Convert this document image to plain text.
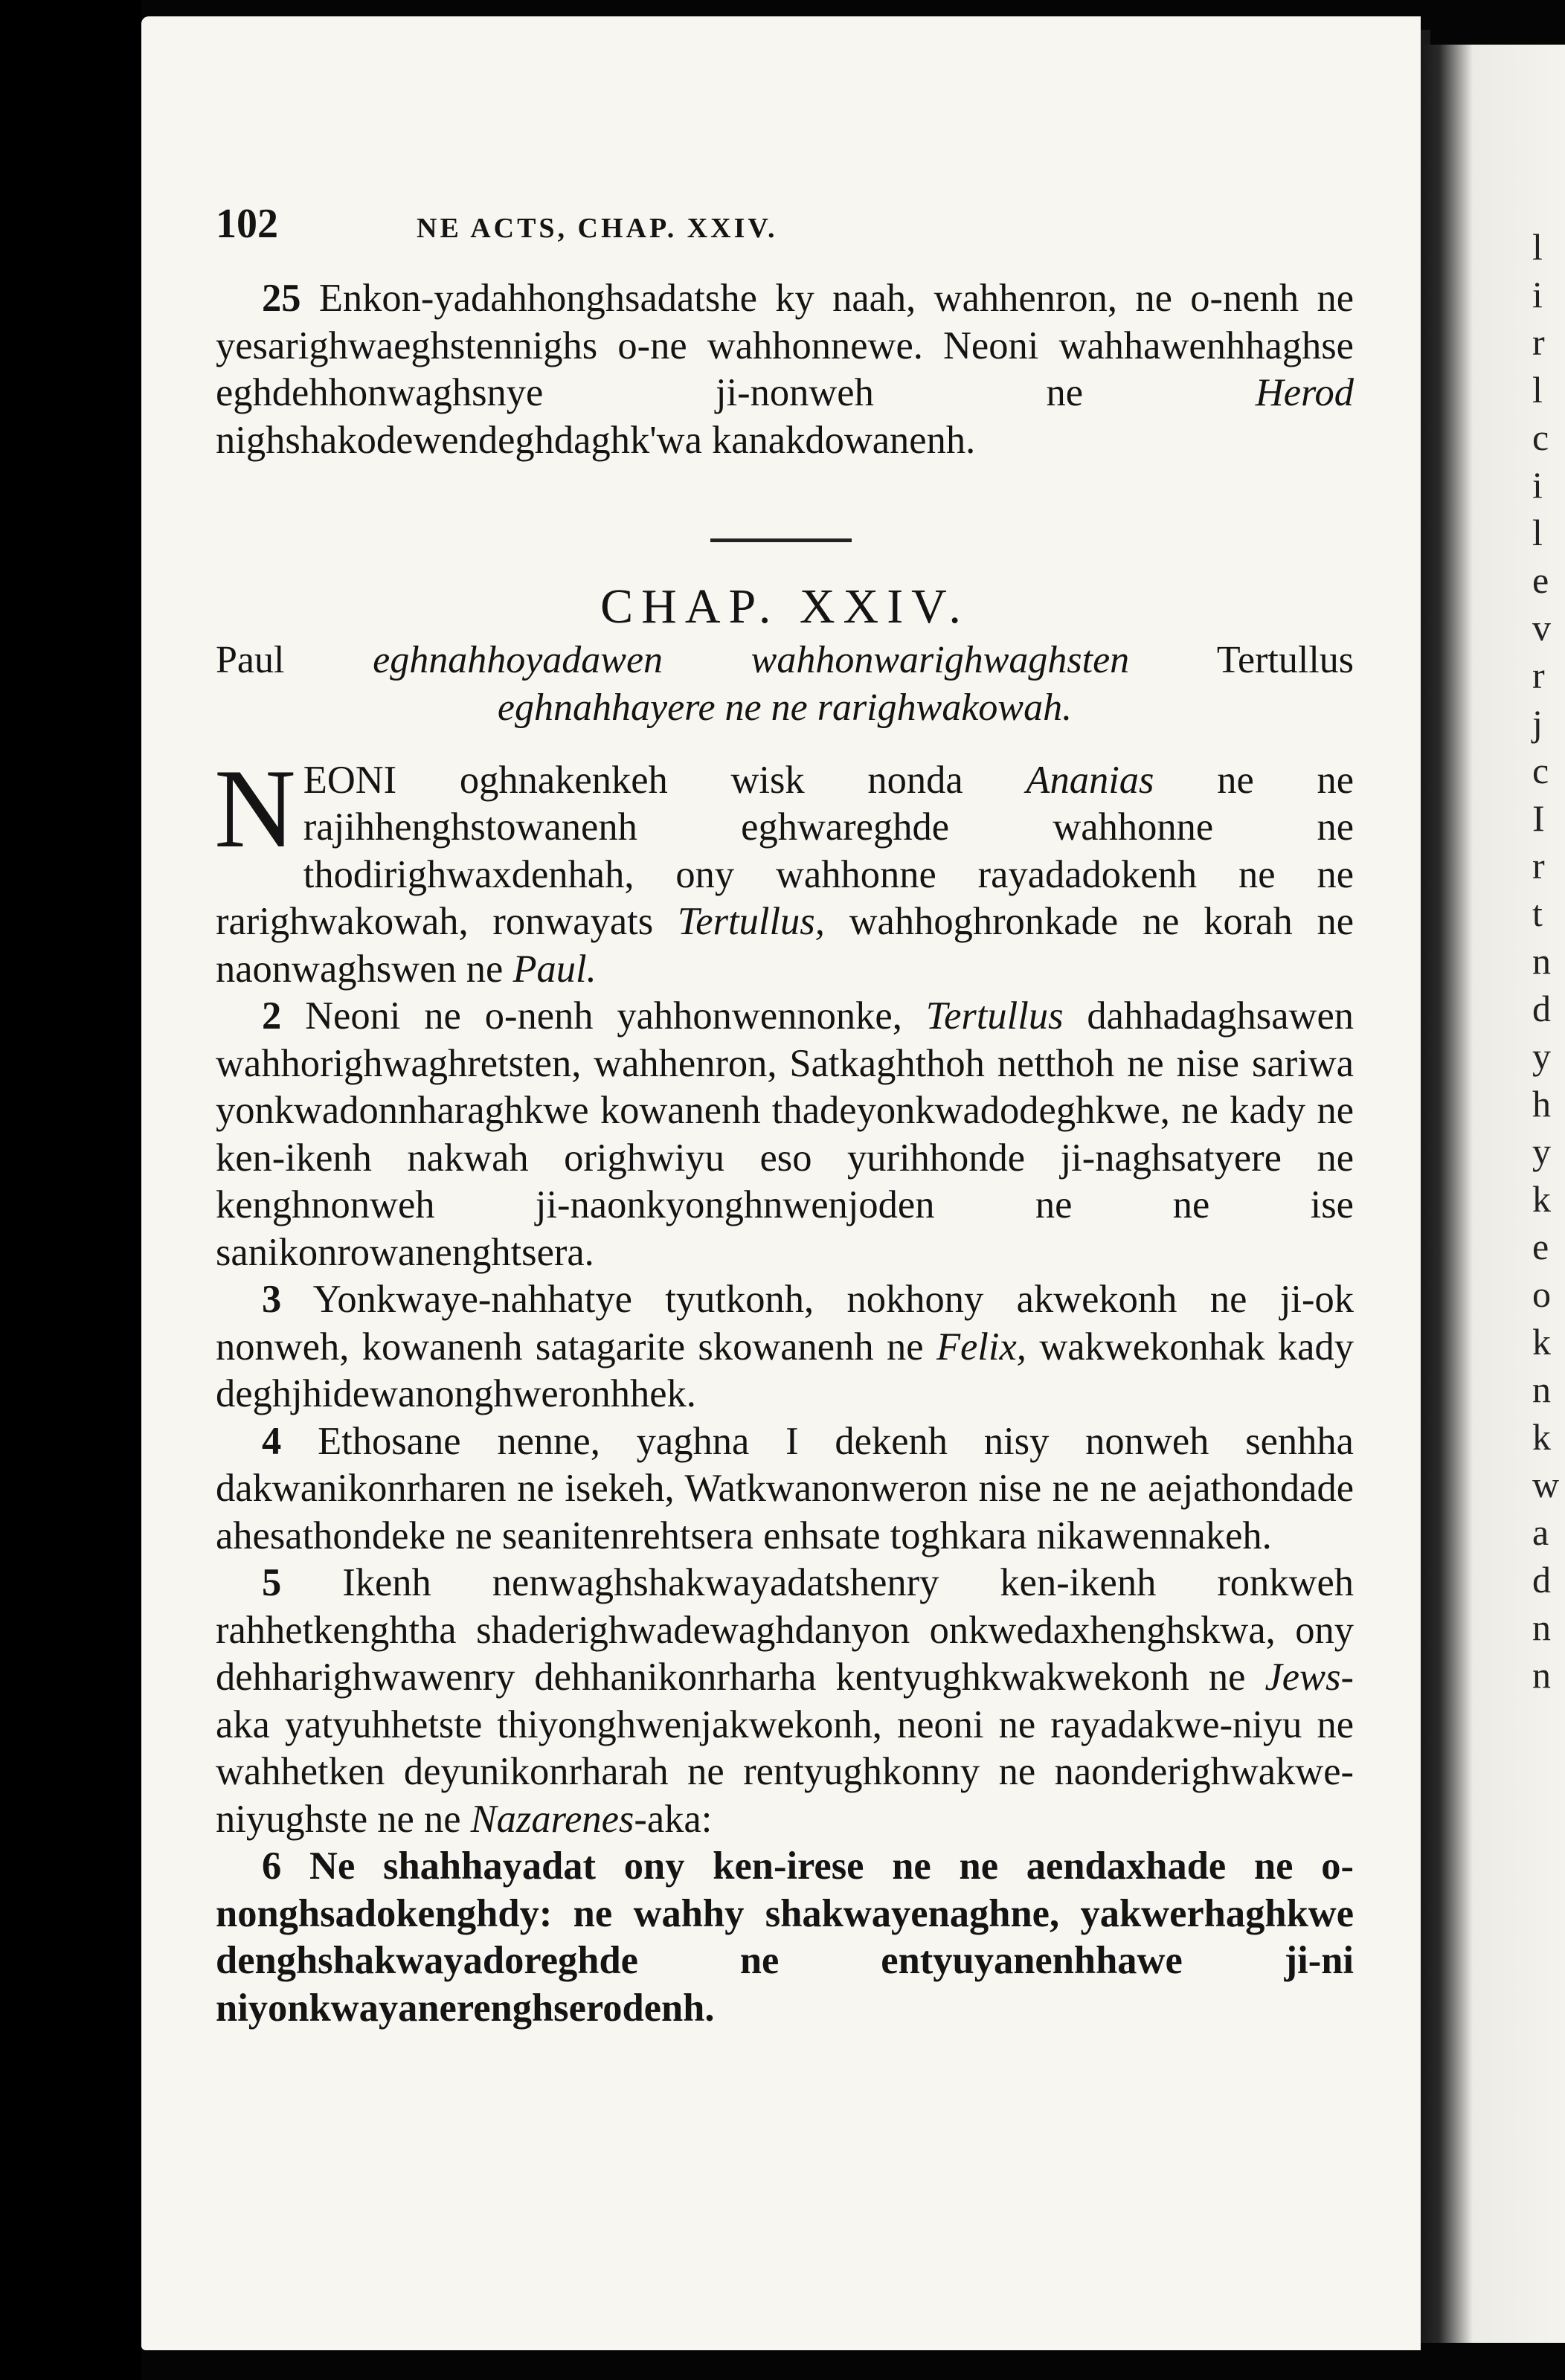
l
i
r
l
c
i
l
e
v
r
j
c
I
r
t
n
d
y
h
y
k
e
o
k
n
k
w
a
d
n
n
102	NE ACTS, CHAP. XXIV.

25 Enkon-yadahhonghsadatshe ky naah, wahhenron, ne o-nenh ne yesarighwaeghstennighs o-ne wahhonnewe. Neoni wahhawenhhaghse eghdehhonwaghsnye ji-nonweh ne	Herod nighshakodewendeghdaghk'wa kanakdowanenh.

CHAP. XXIV.
Paul eghnahhoyadawen wahhonwarighwaghsten Tertullus
eghnahhayere ne ne rarighwakowah.

N EONI oghnakenkeh wisk nonda Ananias ne ne rajihhenghstowanenh eghwareghde wahhonne ne thodirighwaxdenhah, ony wahhonne rayadadokenh ne ne rarighwakowah, ronwayats Tertullus, wahhoghronkade ne korah ne naonwaghswen ne Paul.

2 Neoni ne o-nenh yahhonwennonke, Tertullus dahhadaghsawen wahhorighwaghretsten, wahhenron, Satkaghthoh netthoh ne nise sariwa yonkwadonnharaghkwe kowanenh thadeyonkwadodeghkwe, ne kady ne ken-ikenh nakwah orighwiyu eso yurihhonde ji-naghsatyere ne kenghnonweh ji-naonkyonghnwenjoden ne ne ise sanikonrowanenghtsera.

3 Yonkwaye-nahhatye tyutkonh, nokhony akwekonh ne ji-ok nonweh, kowanenh satagarite skowanenh ne Felix, wakwekonhak kady deghjhidewanonghweronhhek.

4 Ethosane nenne, yaghna I dekenh nisy nonweh senhha dakwanikonrharen ne isekeh, Watkwanonweron nise ne ne aejathondade ahesathondeke ne seanitenrehtsera enhsate toghkara nikawennakeh.

5 Ikenh nenwaghshakwayadatshenry ken-ikenh ronkweh rahhetkenghtha shaderighwadewaghdanyon onkwedaxhenghskwa, ony dehharighwawenry dehhanikonrharha kentyughkwakwekonh ne Jews-aka yatyuhhetste thiyonghwenjakwekonh, neoni ne rayadakwe-niyu ne wahhetken deyunikonrharah ne rentyughkonny ne naonderighwakwe-niyughste ne ne Nazarenes-aka:

6 Ne shahhayadat ony ken-irese ne ne aendaxhade ne o-nonghsadokenghdy: ne wahhy shakwayenaghne, yakwerhaghkwe denghshakwayadoreghde ne entyuyanenhhawe ji-ni niyonkwayanerenghserodenh.
